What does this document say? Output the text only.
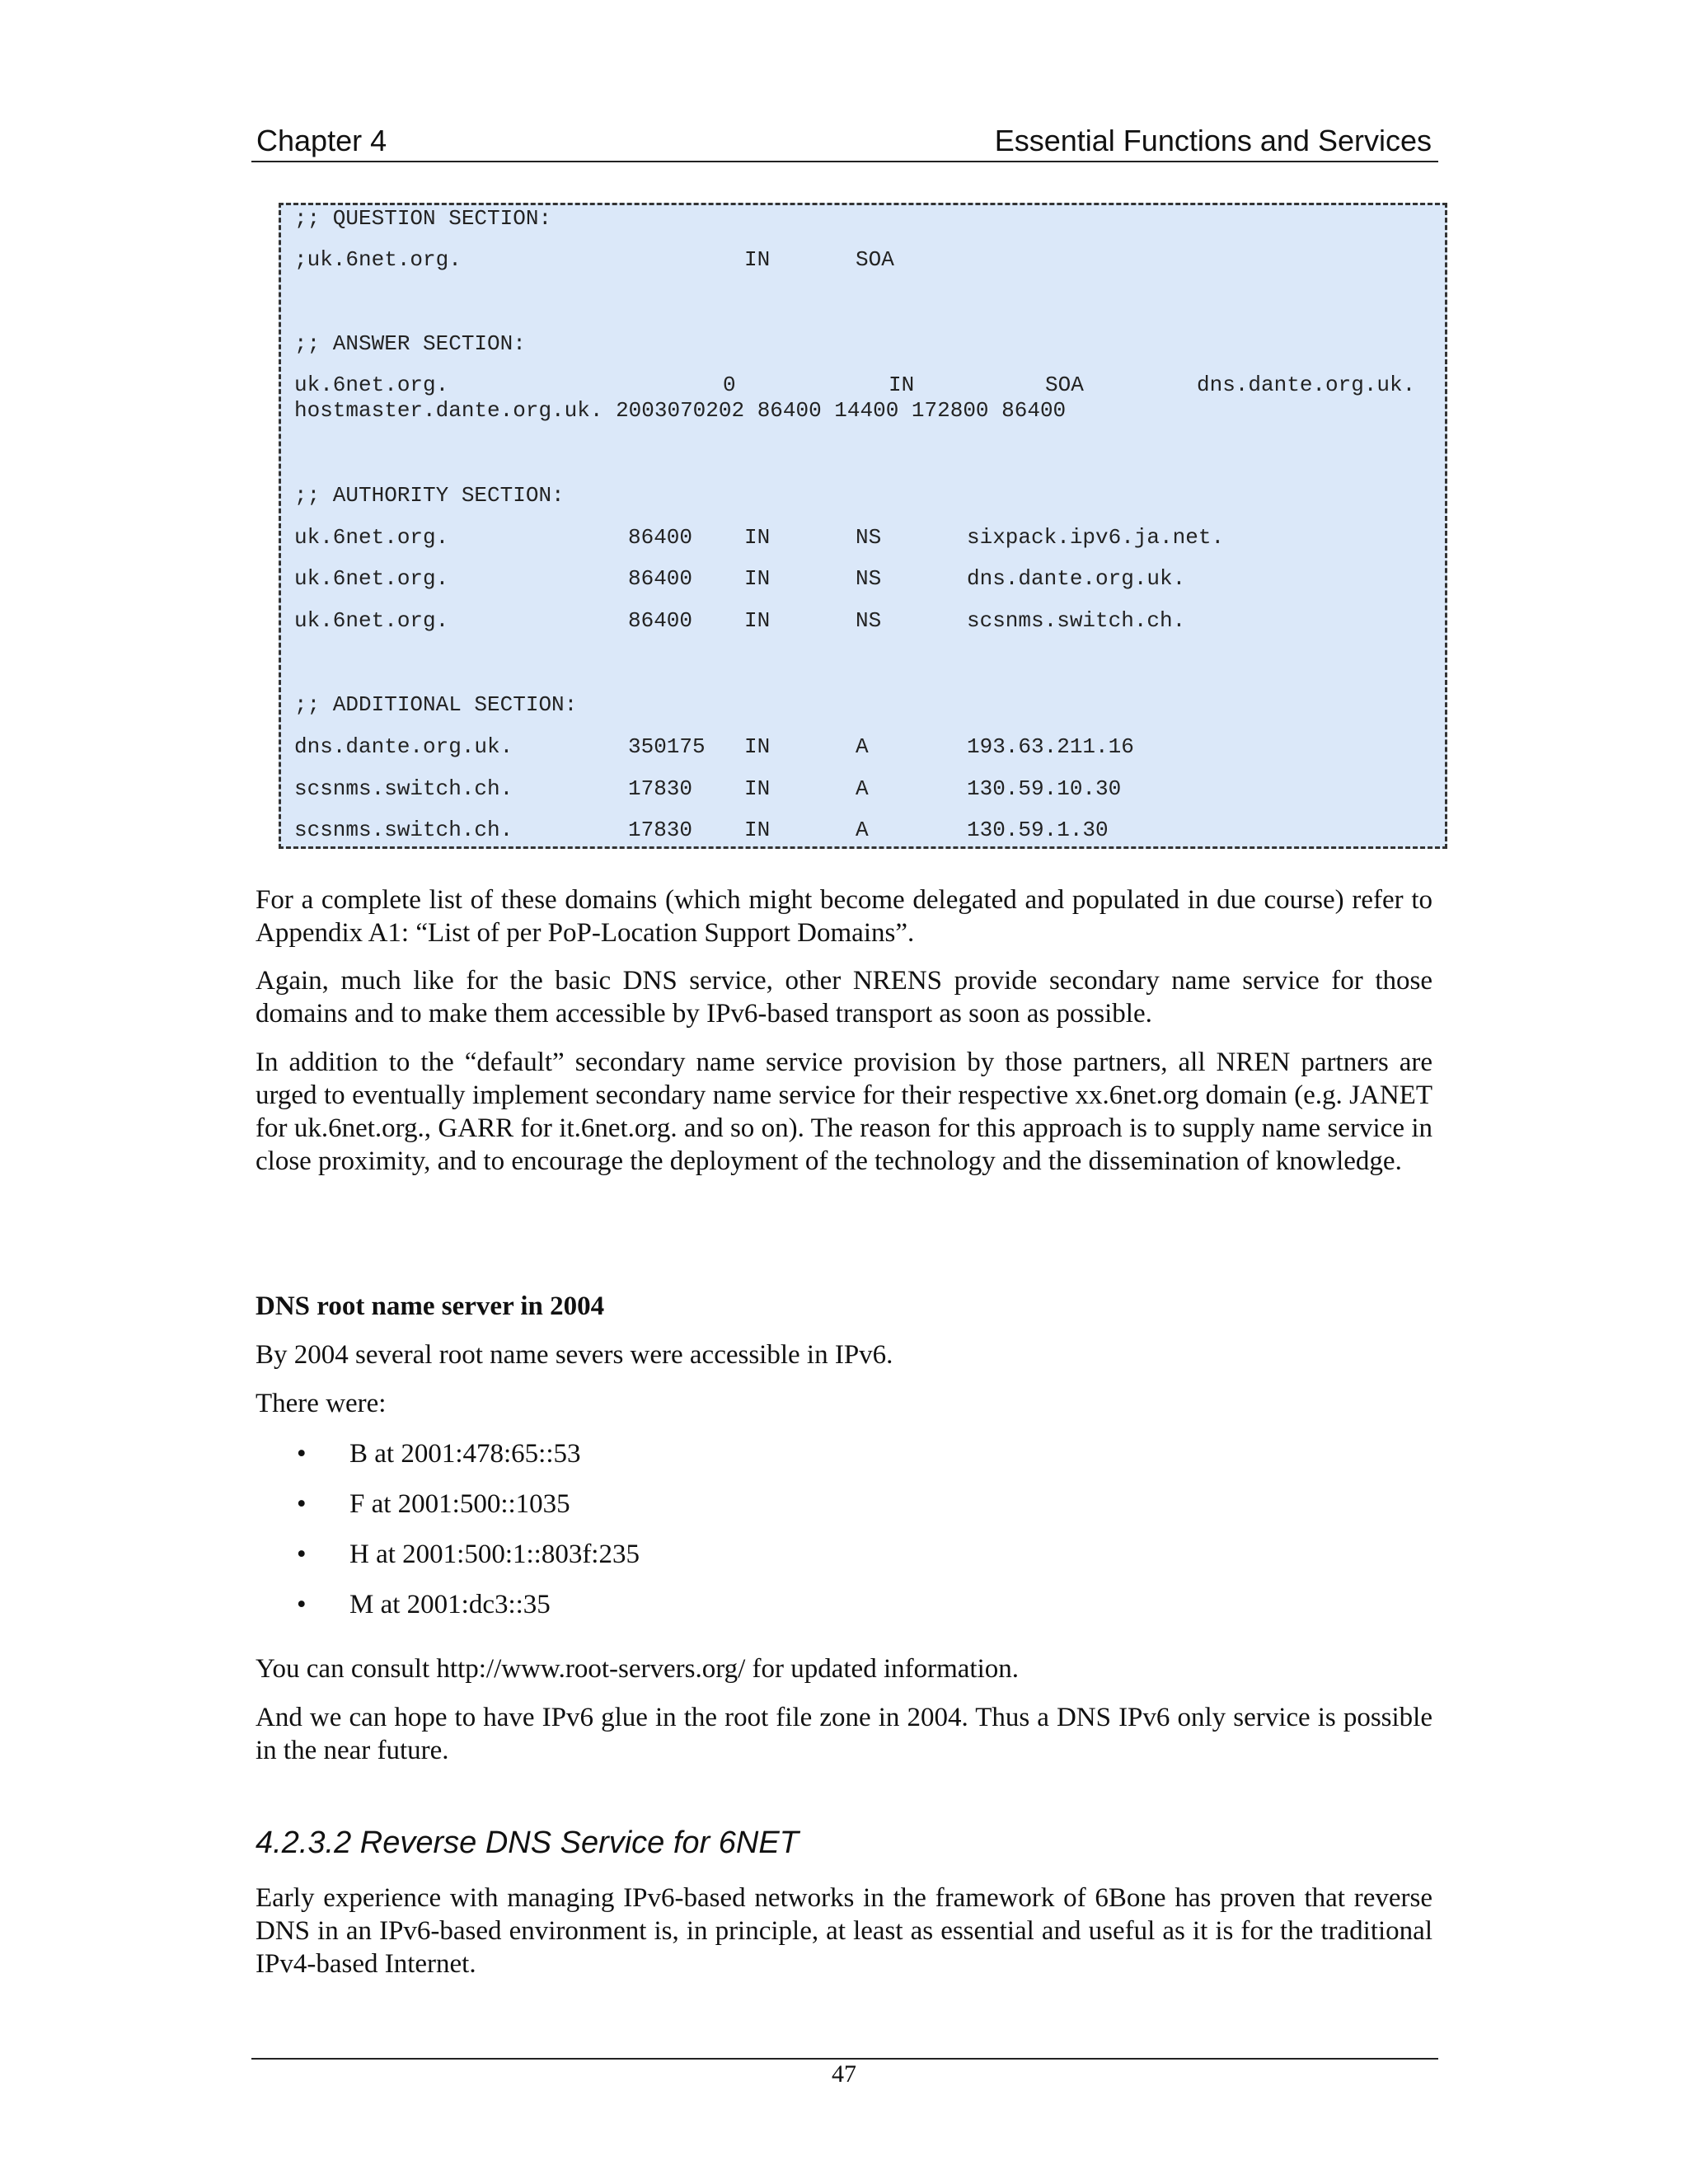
Chapter 4	Essential Functions and Services
;; QUESTION SECTION:
;uk.6net.org.	IN	SOA
;; ANSWER SECTION:
uk.6net.org.	0	IN	SOA	dns.dante.org.uk.
hostmaster.dante.org.uk. 2003070202 86400 14400 172800 86400
;; AUTHORITY SECTION:
uk.6net.org.	86400 IN	NS	sixpack.ipv6.ja.net.
uk.6net.org.	86400 IN	NS	dns.dante.org.uk.
uk.6net.org.	86400 IN	NS	scsnms.switch.ch.
;; ADDITIONAL SECTION:
dns.dante.org.uk.	350175 IN	A	193.63.211.16
scsnms.switch.ch.	17830 IN	A	130.59.10.30
scsnms.switch.ch.	17830 IN	A	130.59.1.30
For a complete list of these domains (which might become delegated and populated in due course) refer to Appendix A1: “List of per PoP-Location Support Domains”.
Again, much like for the basic DNS service, other NRENS provide secondary name service for those domains and to make them accessible by IPv6-based transport as soon as possible.
In addition to the “default” secondary name service provision by those partners, all NREN partners are urged to eventually implement secondary name service for their respective xx.6net.org domain (e.g. JANET for uk.6net.org., GARR for it.6net.org. and so on). The reason for this approach is to supply name service in close proximity, and to encourage the deployment of the technology and the dissemination of knowledge.
DNS root name server in 2004
By 2004 several root name severs were accessible in IPv6.
There were:
• B at 2001:478:65::53
• F at 2001:500::1035
• H at 2001:500:1::803f:235
• M at 2001:dc3::35
You can consult http://www.root-servers.org/ for updated information.
And we can hope to have IPv6 glue in the root file zone in 2004. Thus a DNS IPv6 only service is possible in the near future.
4.2.3.2 Reverse DNS Service for 6NET
Early experience with managing IPv6-based networks in the framework of 6Bone has proven that reverse DNS in an IPv6-based environment is, in principle, at least as essential and useful as it is for the traditional IPv4-based Internet.
47
